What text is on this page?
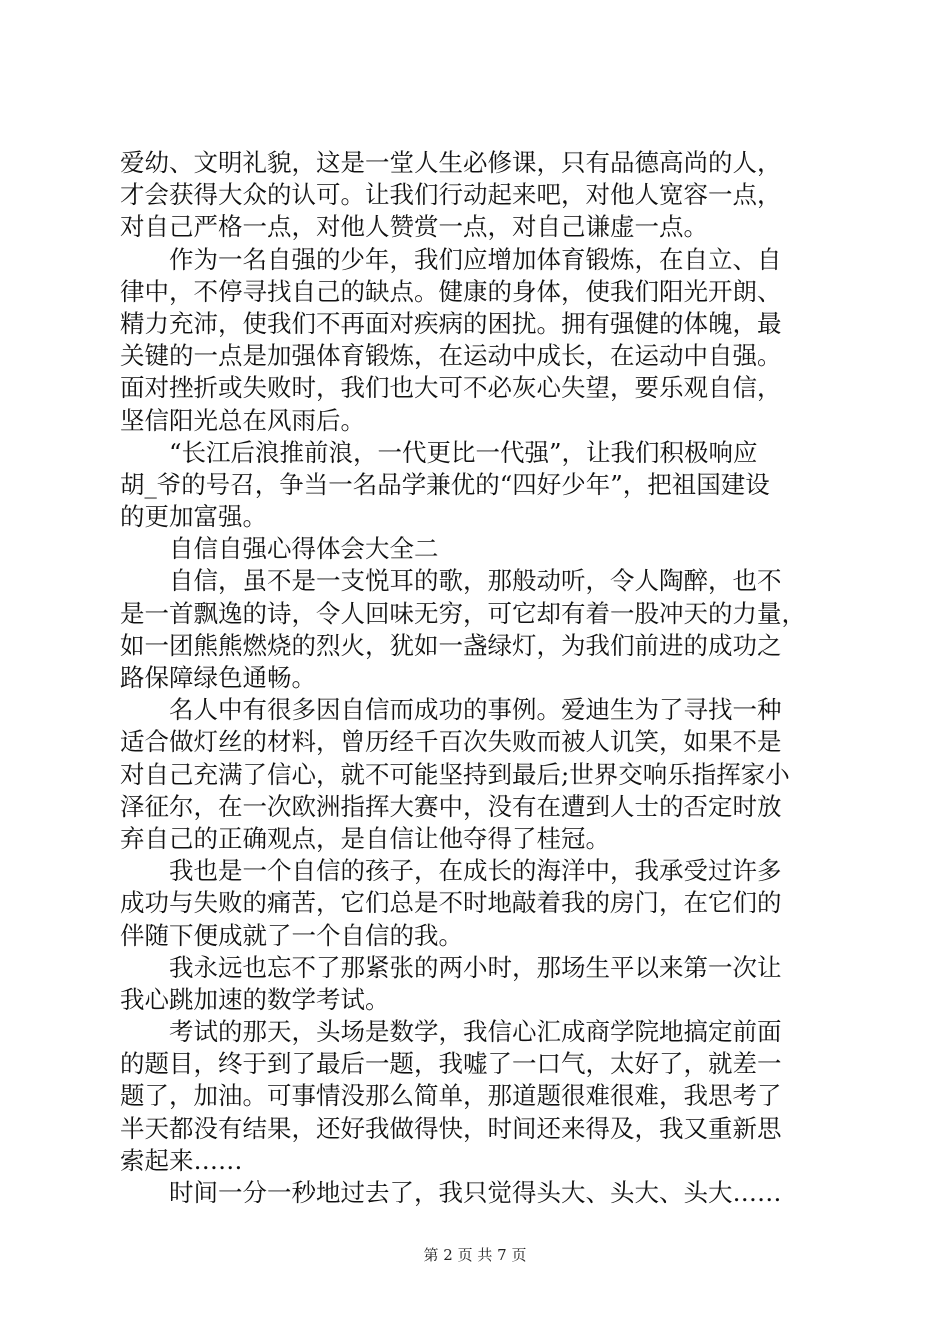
爱幼、文明礼貌，这是一堂人生必修课，只有品德高尚的人，
才会获得大众的认可。让我们行动起来吧，对他人宽容一点，
对自己严格一点，对他人赞赏一点，对自己谦虚一点。
　　作为一名自强的少年，我们应增加体育锻炼，在自立、自
律中，不停寻找自己的缺点。健康的身体，使我们阳光开朗、
精力充沛，使我们不再面对疾病的困扰。拥有强健的体魄，最
关键的一点是加强体育锻炼，在运动中成长，在运动中自强。
面对挫折或失败时，我们也大可不必灰心失望，要乐观自信，
坚信阳光总在风雨后。
　　“长江后浪推前浪，一代更比一代强”，让我们积极响应
胡_爷的号召，争当一名品学兼优的“四好少年”，把祖国建设
的更加富强。
　　自信自强心得体会大全二
　　自信，虽不是一支悦耳的歌，那般动听，令人陶醉，也不
是一首飘逸的诗，令人回味无穷，可它却有着一股冲天的力量，
如一团熊熊燃烧的烈火，犹如一盏绿灯，为我们前进的成功之
路保障绿色通畅。
　　名人中有很多因自信而成功的事例。爱迪生为了寻找一种
适合做灯丝的材料，曾历经千百次失败而被人讥笑，如果不是
对自己充满了信心，就不可能坚持到最后;世界交响乐指挥家小
泽征尔，在一次欧洲指挥大赛中，没有在遭到人士的否定时放
弃自己的正确观点，是自信让他夺得了桂冠。
　　我也是一个自信的孩子，在成长的海洋中，我承受过许多
成功与失败的痛苦，它们总是不时地敲着我的房门，在它们的
伴随下便成就了一个自信的我。
　　我永远也忘不了那紧张的两小时，那场生平以来第一次让
我心跳加速的数学考试。
　　考试的那天，头场是数学，我信心汇成商学院地搞定前面
的题目，终于到了最后一题，我嘘了一口气，太好了，就差一
题了，加油。可事情没那么简单，那道题很难很难，我思考了
半天都没有结果，还好我做得快，时间还来得及，我又重新思
索起来……
　　时间一分一秒地过去了，我只觉得头大、头大、头大……
第 2 页 共 7 页
